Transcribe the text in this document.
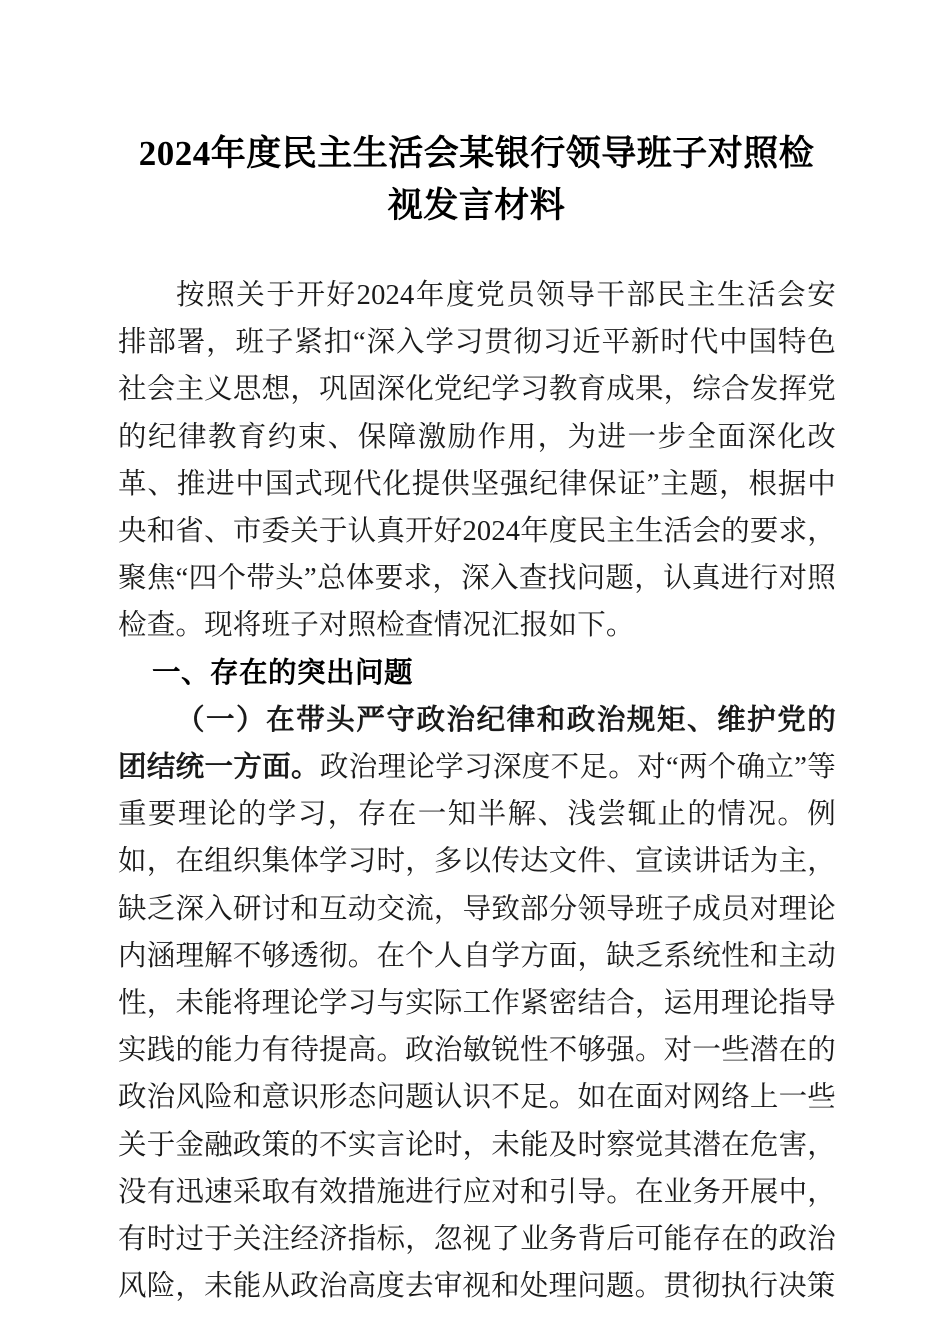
2024年度民主生活会某银行领导班子对照检
视发言材料

按照关于开好2024年度党员领导干部民主生活会安排部署，班子紧扣“深入学习贯彻习近平新时代中国特色社会主义思想，巩固深化党纪学习教育成果，综合发挥党的纪律教育约束、保障激励作用，为进一步全面深化改革、推进中国式现代化提供坚强纪律保证”主题，根据中央和省、市委关于认真开好2024年度民主生活会的要求，聚焦“四个带头”总体要求，深入查找问题，认真进行对照检查。现将班子对照检查情况汇报如下。

一、存在的突出问题

（一）在带头严守政治纪律和政治规矩、维护党的团结统一方面。政治理论学习深度不足。对“两个确立”等重要理论的学习，存在一知半解、浅尝辄止的情况。例如，在组织集体学习时，多以传达文件、宣读讲话为主，缺乏深入研讨和互动交流，导致部分领导班子成员对理论内涵理解不够透彻。在个人自学方面，缺乏系统性和主动性，未能将理论学习与实际工作紧密结合，运用理论指导实践的能力有待提高。政治敏锐性不够强。对一些潜在的政治风险和意识形态问题认识不足。如在面对网络上一些关于金融政策的不实言论时，未能及时察觉其潜在危害，没有迅速采取有效措施进行应对和引导。在业务开展中，有时过于关注经济指标，忽视了业务背后可能存在的政治风险，未能从政治高度去审视和处理问题。贯彻执行决策
